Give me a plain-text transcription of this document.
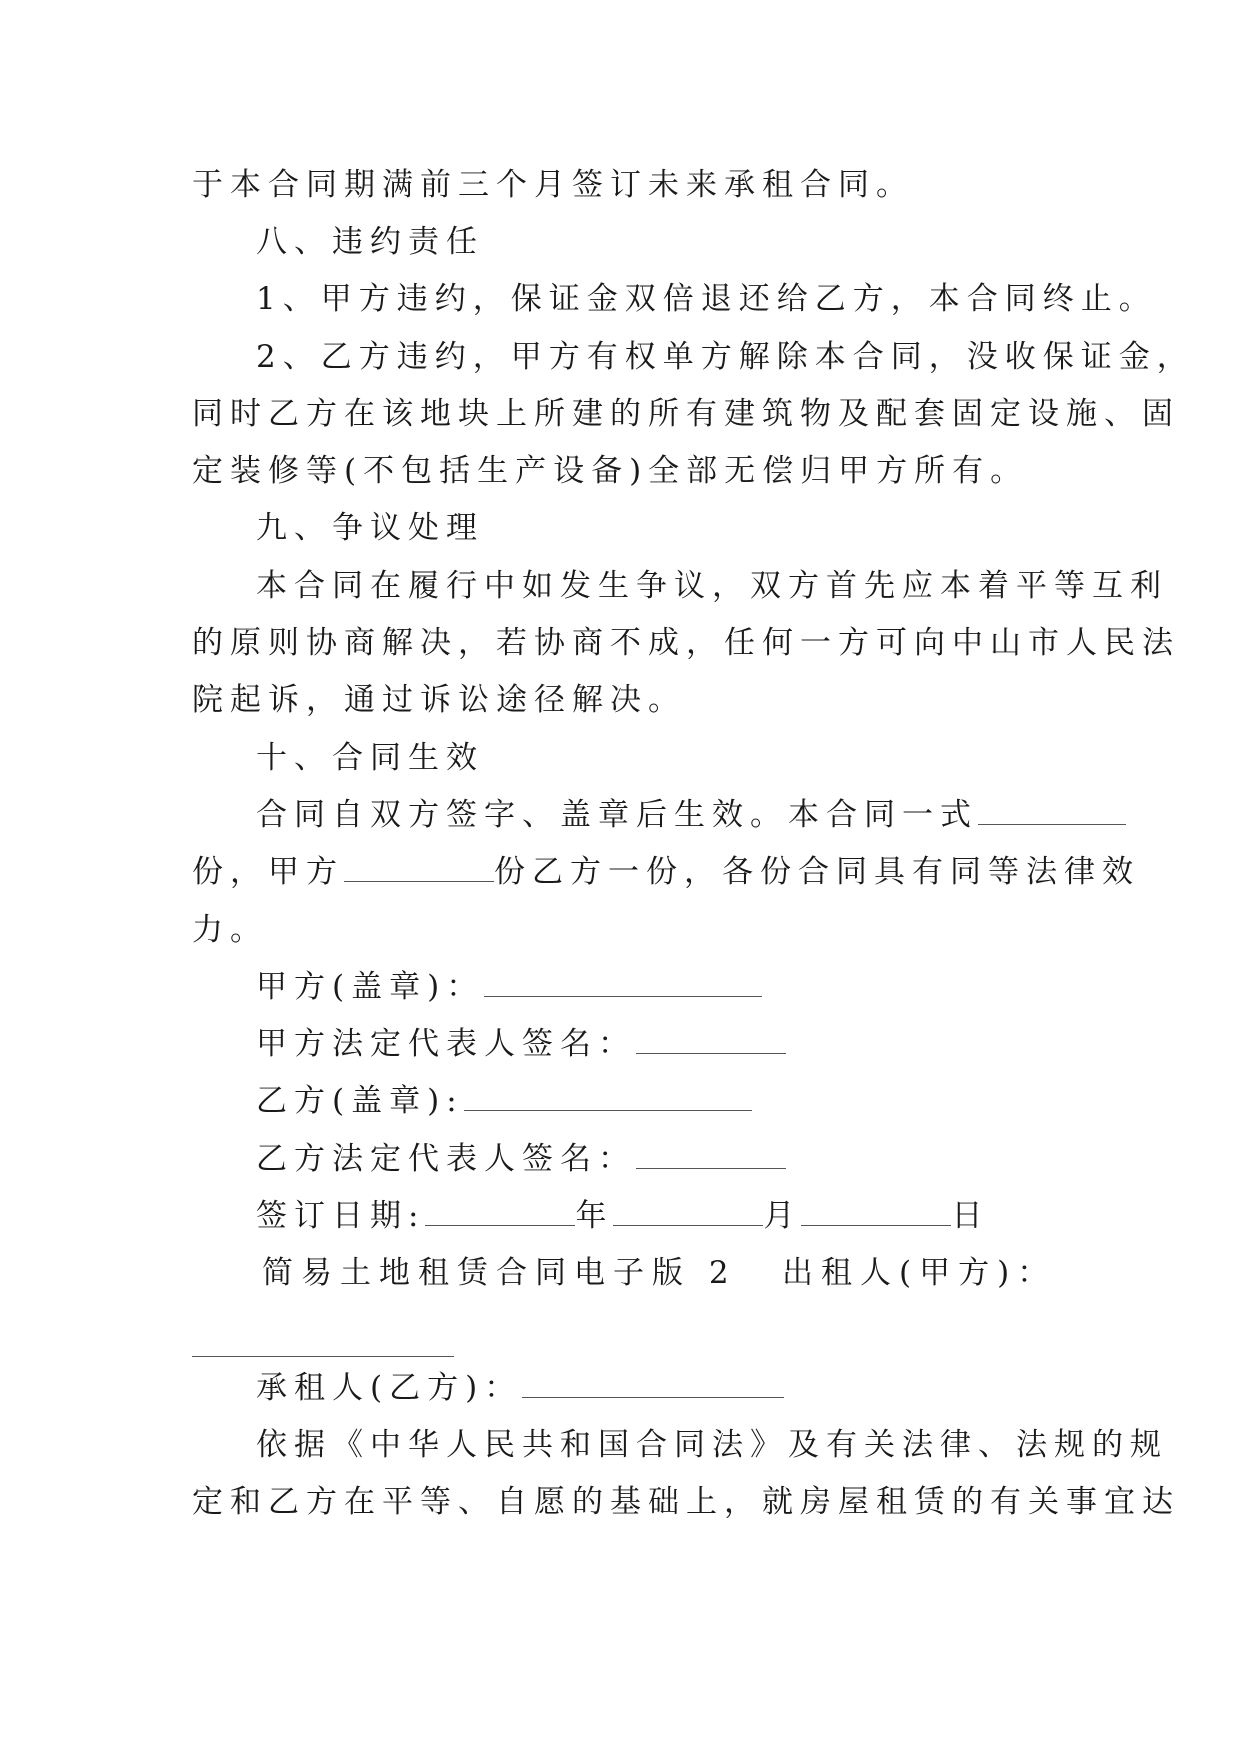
于本合同期满前三个月签订未来承租合同。
八、违约责任
1、甲方违约，保证金双倍退还给乙方，本合同终止。
2、乙方违约，甲方有权单方解除本合同，没收保证金，
同时乙方在该地块上所建的所有建筑物及配套固定设施、固
定装修等(不包括生产设备)全部无偿归甲方所有。
九、争议处理
本合同在履行中如发生争议，双方首先应本着平等互利
的原则协商解决，若协商不成，任何一方可向中山市人民法
院起诉，通过诉讼途径解决。
十、合同生效
合同自双方签字、盖章后生效。本合同一式
份，甲方	份乙方一份，各份合同具有同等法律效
力。
甲方(盖章)：
甲方法定代表人签名：
乙方(盖章):
乙方法定代表人签名：
签订日期:	年	月	日
简易土地租赁合同电子版 2 出租人(甲方)：
承租人(乙方)：
依据《中华人民共和国合同法》及有关法律、法规的规
定和乙方在平等、自愿的基础上，就房屋租赁的有关事宜达
